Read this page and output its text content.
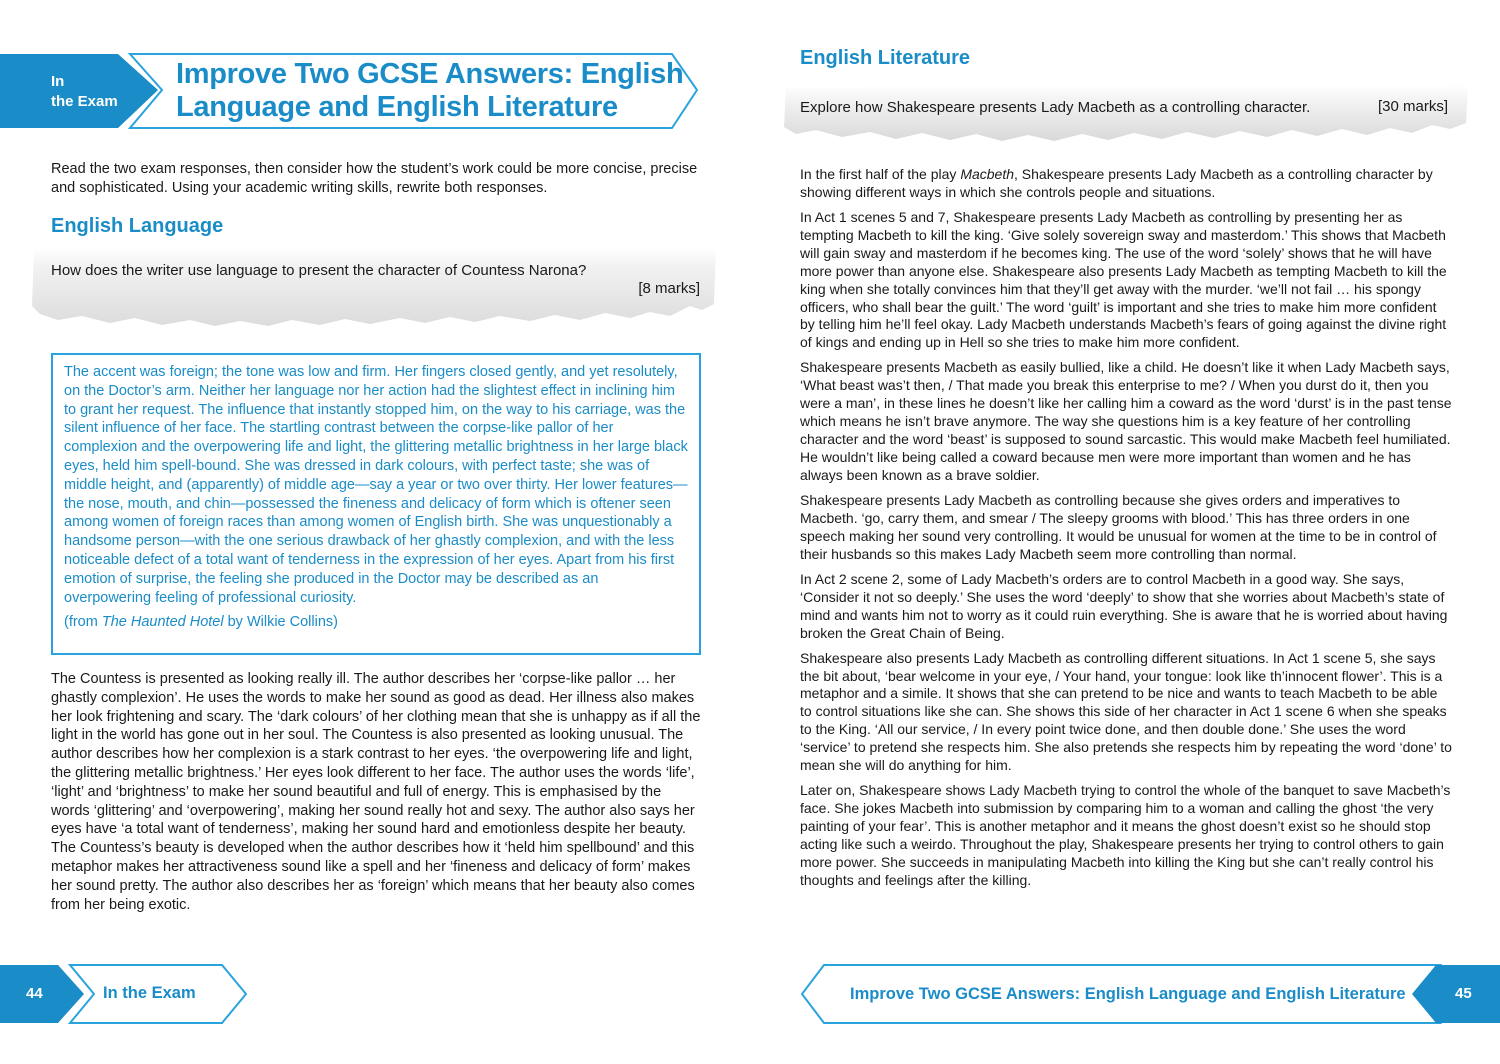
In
the Exam
Improve Two GCSE Answers: English Language and English Literature
Read the two exam responses, then consider how the student’s work could be more concise, precise and sophisticated. Using your academic writing skills, rewrite both responses.
English Language
How does the writer use language to present the character of Countess Narona?
[8 marks]

The accent was foreign; the tone was low and firm. Her fingers closed gently, and yet resolutely, on the Doctor’s arm. Neither her language nor her action had the slightest effect in inclining him to grant her request. The influence that instantly stopped him, on the way to his carriage, was the silent influence of her face. The startling contrast between the corpse-like pallor of her complexion and the overpowering life and light, the glittering metallic brightness in her large black eyes, held him spell-bound. She was dressed in dark colours, with perfect taste; she was of middle height, and (apparently) of middle age—say a year or two over thirty. Her lower features—the nose, mouth, and chin—possessed the fineness and delicacy of form which is oftener seen among women of foreign races than among women of English birth. She was unquestionably a handsome person—with the one serious drawback of her ghastly complexion, and with the less noticeable defect of a total want of tenderness in the expression of her eyes. Apart from his first emotion of surprise, the feeling she produced in the Doctor may be described as an overpowering feeling of professional curiosity.

(from The Haunted Hotel by Wilkie Collins)

The Countess is presented as looking really ill. The author describes her ‘corpse-like pallor … her ghastly complexion’. He uses the words to make her sound as good as dead. Her illness also makes her look frightening and scary. The ‘dark colours’ of her clothing mean that she is unhappy as if all the light in the world has gone out in her soul. The Countess is also presented as looking unusual. The author describes how her complexion is a stark contrast to her eyes. ‘the overpowering life and light, the glittering metallic brightness.’ Her eyes look different to her face. The author uses the words ‘life’, ‘light’ and ‘brightness’ to make her sound beautiful and full of energy. This is emphasised by the words ‘glittering’ and ‘overpowering’, making her sound really hot and sexy. The author also says her eyes have ‘a total want of tenderness’, making her sound hard and emotionless despite her beauty. The Countess’s beauty is developed when the author describes how it ‘held him spellbound’ and this metaphor makes her attractiveness sound like a spell and her ‘fineness and delicacy of form’ makes her sound pretty. The author also describes her as ‘foreign’ which means that her beauty also comes from her being exotic.
44	In the Exam
English Literature
Explore how Shakespeare presents Lady Macbeth as a controlling character.	[30 marks]

In the first half of the play Macbeth, Shakespeare presents Lady Macbeth as a controlling character by showing different ways in which she controls people and situations.

In Act 1 scenes 5 and 7, Shakespeare presents Lady Macbeth as controlling by presenting her as tempting Macbeth to kill the king. ‘Give solely sovereign sway and masterdom.’ This shows that Macbeth will gain sway and masterdom if he becomes king. The use of the word ‘solely’ shows that he will have more power than anyone else. Shakespeare also presents Lady Macbeth as tempting Macbeth to kill the king when she totally convinces him that they’ll get away with the murder. ‘we’ll not fail … his spongy officers, who shall bear the guilt.’ The word ‘guilt’ is important and she tries to make him more confident by telling him he’ll feel okay. Lady Macbeth understands Macbeth’s fears of going against the divine right of kings and ending up in Hell so she tries to make him more confident.

Shakespeare presents Macbeth as easily bullied, like a child. He doesn’t like it when Lady Macbeth says, ‘What beast was’t then, / That made you break this enterprise to me? / When you durst do it, then you were a man’, in these lines he doesn’t like her calling him a coward as the word ‘durst’ is in the past tense which means he isn’t brave anymore. The way she questions him is a key feature of her controlling character and the word ‘beast’ is supposed to sound sarcastic. This would make Macbeth feel humiliated. He wouldn’t like being called a coward because men were more important than women and he has always been known as a brave soldier.

Shakespeare presents Lady Macbeth as controlling because she gives orders and imperatives to Macbeth. ‘go, carry them, and smear / The sleepy grooms with blood.’ This has three orders in one speech making her sound very controlling. It would be unusual for women at the time to be in control of their husbands so this makes Lady Macbeth seem more controlling than normal.

In Act 2 scene 2, some of Lady Macbeth’s orders are to control Macbeth in a good way. She says, ‘Consider it not so deeply.’ She uses the word ‘deeply’ to show that she worries about Macbeth’s state of mind and wants him not to worry as it could ruin everything. She is aware that he is worried about having broken the Great Chain of Being.

Shakespeare also presents Lady Macbeth as controlling different situations. In Act 1 scene 5, she says the bit about, ‘bear welcome in your eye, / Your hand, your tongue: look like th’innocent flower’. This is a metaphor and a simile. It shows that she can pretend to be nice and wants to teach Macbeth to be able to control situations like she can. She shows this side of her character in Act 1 scene 6 when she speaks to the King. ‘All our service, / In every point twice done, and then double done.’ She uses the word ‘service’ to pretend she respects him. She also pretends she respects him by repeating the word ‘done’ to mean she will do anything for him.

Later on, Shakespeare shows Lady Macbeth trying to control the whole of the banquet to save Macbeth’s face. She jokes Macbeth into submission by comparing him to a woman and calling the ghost ‘the very painting of your fear’. This is another metaphor and it means the ghost doesn’t exist so he should stop acting like such a weirdo. Throughout the play, Shakespeare presents her trying to control others to gain more power. She succeeds in manipulating Macbeth into killing the King but she can’t really control his thoughts and feelings after the killing.

Improve Two GCSE Answers: English Language and English Literature	45
